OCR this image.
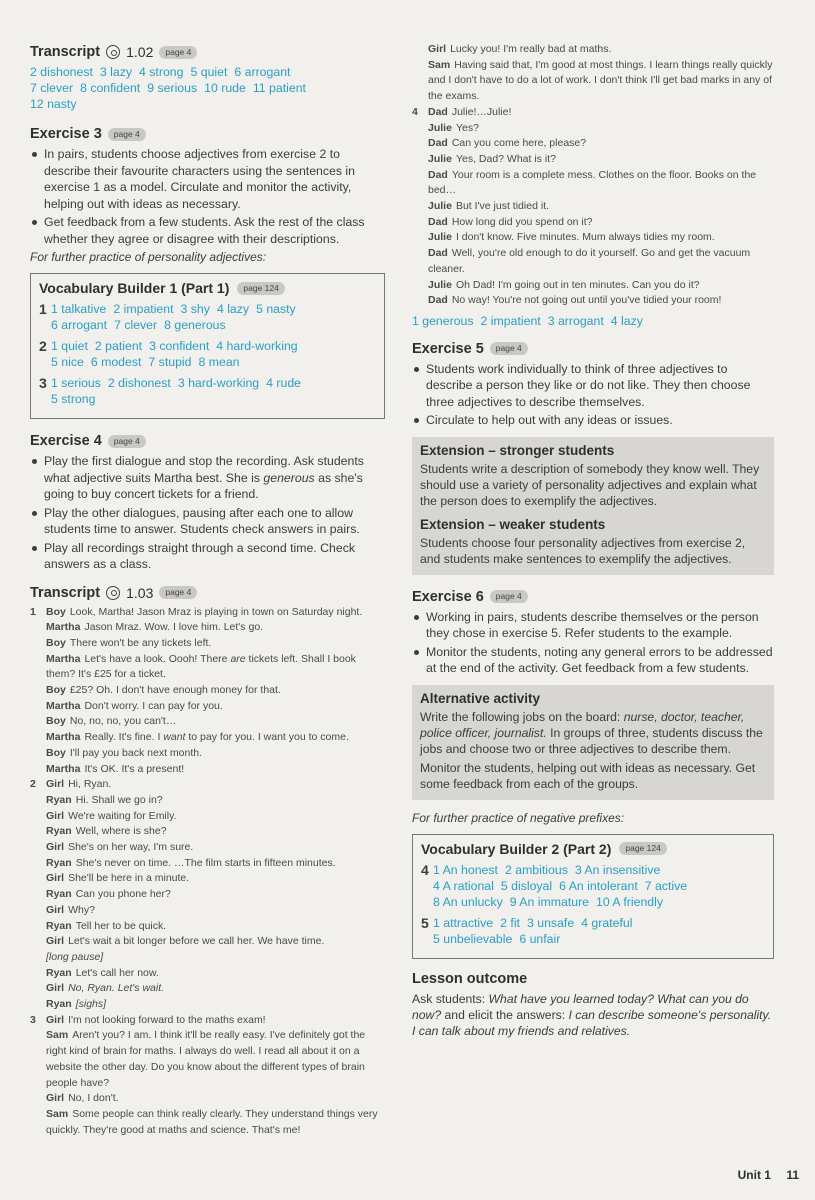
Transcript 1.02	page 4
2 dishonest 3 lazy 4 strong 5 quiet 6 arrogant
7 clever 8 confident 9 serious 10 rude 11 patient
12 nasty
Exercise 3	page 4
In pairs, students choose adjectives from exercise 2 to describe their favourite characters using the sentences in exercise 1 as a model. Circulate and monitor the activity, helping out with ideas as necessary.
Get feedback from a few students. Ask the rest of the class whether they agree or disagree with their descriptions.
For further practice of personality adjectives:
Vocabulary Builder 1 (Part 1)	page 124
1 1 talkative 2 impatient 3 shy 4 lazy 5 nasty
6 arrogant 7 clever 8 generous
2 1 quiet 2 patient 3 confident 4 hard-working
5 nice 6 modest 7 stupid 8 mean
3 1 serious 2 dishonest 3 hard-working 4 rude
5 strong
Exercise 4	page 4
Play the first dialogue and stop the recording. Ask students what adjective suits Martha best. She is generous as she's going to buy concert tickets for a friend.
Play the other dialogues, pausing after each one to allow students time to answer. Students check answers in pairs.
Play all recordings straight through a second time. Check answers as a class.
Transcript 1.03	page 4
1 Boy Look, Martha! Jason Mraz is playing in town on Saturday night.
Martha Jason Mraz. Wow. I love him. Let's go.
Boy There won't be any tickets left.
Martha Let's have a look. Oooh! There are tickets left. Shall I book them? It's £25 for a ticket.
Boy £25? Oh. I don't have enough money for that.
Martha Don't worry. I can pay for you.
Boy No, no, no, you can't…
Martha Really. It's fine. I want to pay for you. I want you to come.
Boy I'll pay you back next month.
Martha It's OK. It's a present!
2 Girl Hi, Ryan.
Ryan Hi. Shall we go in?
Girl We're waiting for Emily.
Ryan Well, where is she?
Girl She's on her way, I'm sure.
Ryan She's never on time. …The film starts in fifteen minutes.
Girl She'll be here in a minute.
Ryan Can you phone her?
Girl Why?
Ryan Tell her to be quick.
Girl Let's wait a bit longer before we call her. We have time.
[long pause]
Ryan Let's call her now.
Girl No, Ryan. Let's wait.
Ryan [sighs]
3 Girl I'm not looking forward to the maths exam!
Sam Aren't you? I am. I think it'll be really easy. I've definitely got the right kind of brain for maths. I always do well. I read all about it on a website the other day. Do you know about the different types of brain people have?
Girl No, I don't.
Sam Some people can think really clearly. They understand things very quickly. They're good at maths and science. That's me!
Girl Lucky you! I'm really bad at maths.
Sam Having said that, I'm good at most things. I learn things really quickly and I don't have to do a lot of work. I don't think I'll get bad marks in any of the exams.
4 Dad Julie!…Julie!
Julie Yes?
Dad Can you come here, please?
Julie Yes, Dad? What is it?
Dad Your room is a complete mess. Clothes on the floor. Books on the bed…
Julie But I've just tidied it.
Dad How long did you spend on it?
Julie I don't know. Five minutes. Mum always tidies my room.
Dad Well, you're old enough to do it yourself. Go and get the vacuum cleaner.
Julie Oh Dad! I'm going out in ten minutes. Can you do it?
Dad No way! You're not going out until you've tidied your room!
1 generous 2 impatient 3 arrogant 4 lazy
Exercise 5	page 4
Students work individually to think of three adjectives to describe a person they like or do not like. They then choose three adjectives to describe themselves.
Circulate to help out with any ideas or issues.
Extension – stronger students

Students write a description of somebody they know well. They should use a variety of personality adjectives and explain what the person does to exemplify the adjectives.

Extension – weaker students

Students choose four personality adjectives from exercise 2, and students make sentences to exemplify the adjectives.

Exercise 6	page 4
Working in pairs, students describe themselves or the person they chose in exercise 5. Refer students to the example.
Monitor the students, noting any general errors to be addressed at the end of the activity. Get feedback from a few students.
Alternative activity

Write the following jobs on the board: nurse, doctor, teacher, police officer, journalist. In groups of three, students discuss the jobs and choose two or three adjectives to describe them.

Monitor the students, helping out with ideas as necessary. Get some feedback from each of the groups.

For further practice of negative prefixes:
Vocabulary Builder 2 (Part 2)	page 124
4 1 An honest 2 ambitious 3 An insensitive
4 A rational 5 disloyal 6 An intolerant 7 active
8 An unlucky 9 An immature 10 A friendly
5 1 attractive 2 fit 3 unsafe 4 grateful
5 unbelievable 6 unfair
Lesson outcome

Ask students: What have you learned today? What can you do now? and elicit the answers: I can describe someone's personality. I can talk about my friends and relatives.

Unit 1 11
